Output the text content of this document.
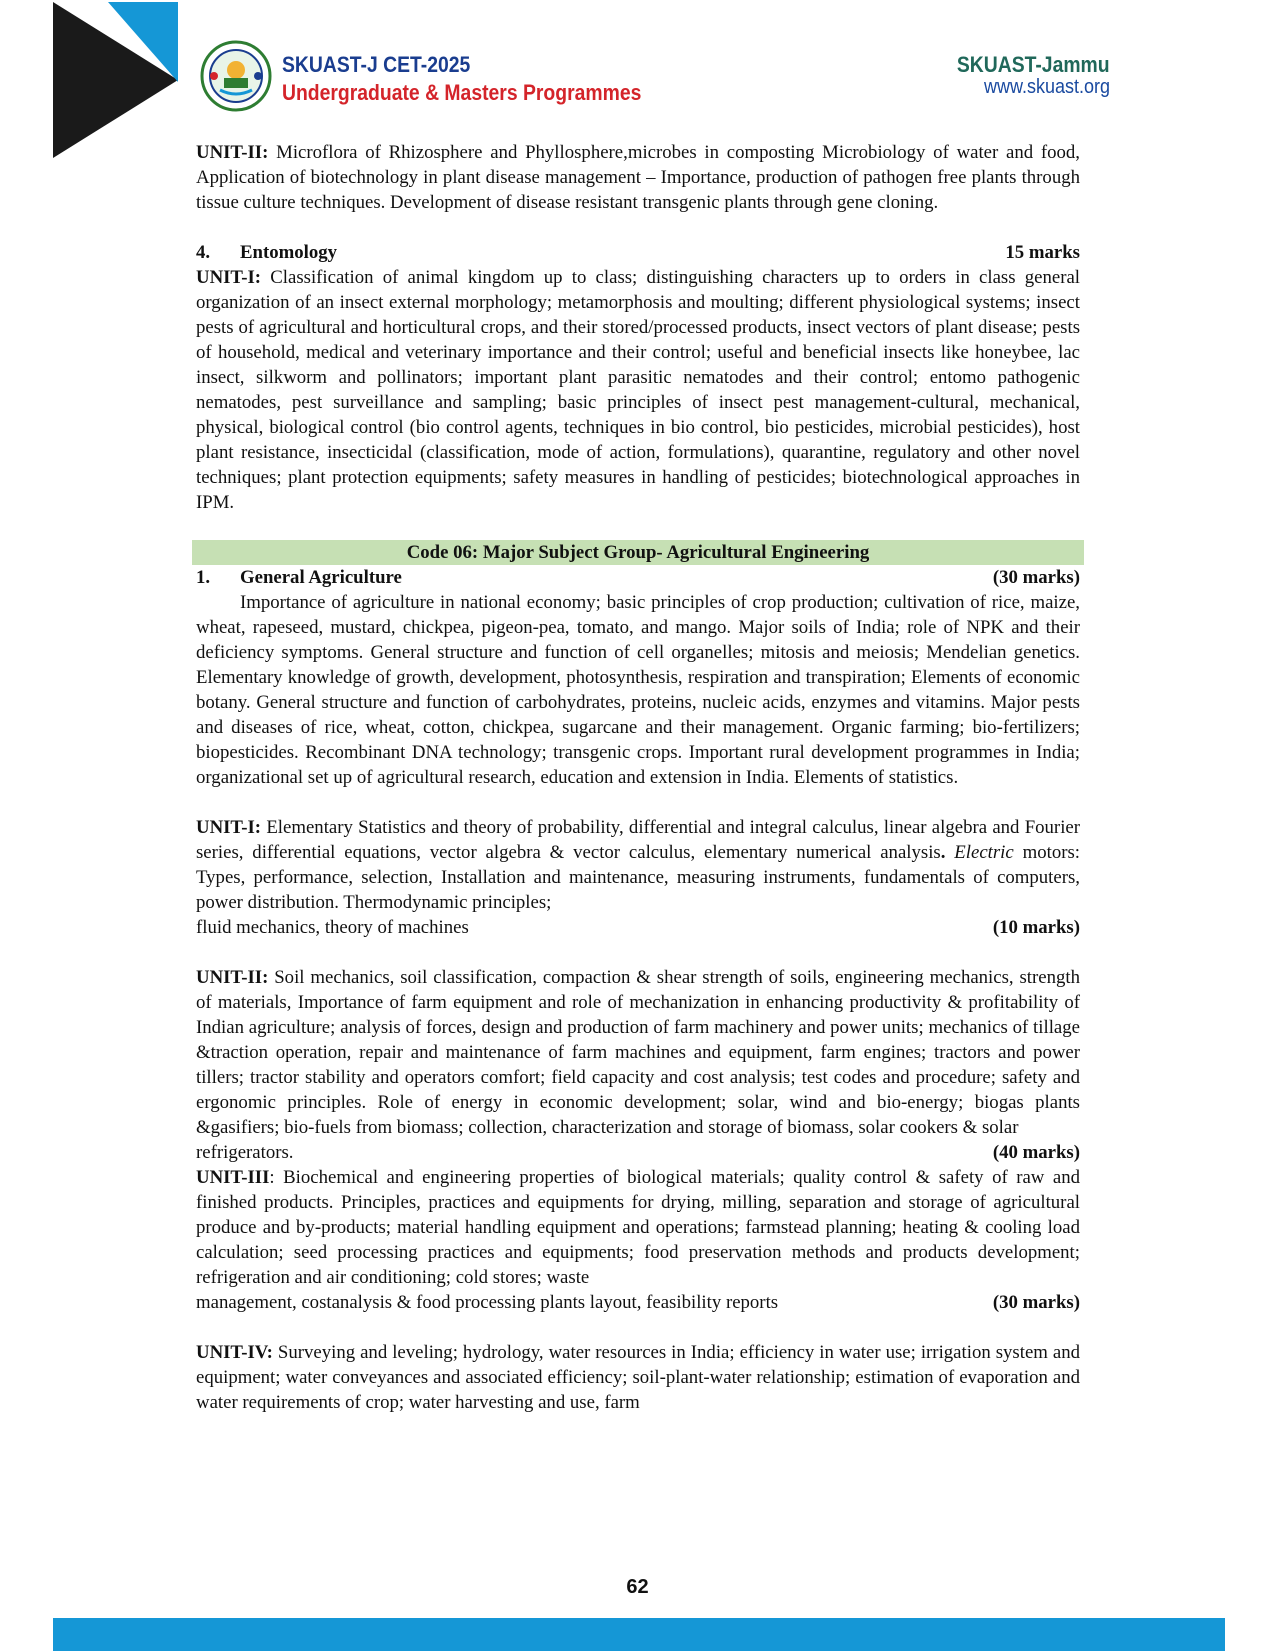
SKUAST-J CET-2025
Undergraduate & Masters Programmes
SKUAST-Jammu
www.skuast.org

UNIT-II: Microflora of Rhizosphere and Phyllosphere,microbes in composting Microbiology of water and food, Application of biotechnology in plant disease management – Importance, production of pathogen free plants through tissue culture techniques. Development of disease resistant transgenic plants through gene cloning.

4. Entomology	15 marks

UNIT-I: Classification of animal kingdom up to class; distinguishing characters up to orders in class general organization of an insect external morphology; metamorphosis and moulting; different physiological systems; insect pests of agricultural and horticultural crops, and their stored/processed products, insect vectors of plant disease; pests of household, medical and veterinary importance and their control; useful and beneficial insects like honeybee, lac insect, silkworm and pollinators; important plant parasitic nematodes and their control; entomo pathogenic nematodes, pest surveillance and sampling; basic principles of insect pest management-cultural, mechanical, physical, biological control (bio control agents, techniques in bio control, bio pesticides, microbial pesticides), host plant resistance, insecticidal (classification, mode of action, formulations), quarantine, regulatory and other novel techniques; plant protection equipments; safety measures in handling of pesticides; biotechnological approaches in IPM.

Code 06: Major Subject Group- Agricultural Engineering
1. General Agriculture	(30 marks)

Importance of agriculture in national economy; basic principles of crop production; cultivation of rice, maize, wheat, rapeseed, mustard, chickpea, pigeon-pea, tomato, and mango. Major soils of India; role of NPK and their deficiency symptoms. General structure and function of cell organelles; mitosis and meiosis; Mendelian genetics. Elementary knowledge of growth, development, photosynthesis, respiration and transpiration; Elements of economic botany. General structure and function of carbohydrates, proteins, nucleic acids, enzymes and vitamins. Major pests and diseases of rice, wheat, cotton, chickpea, sugarcane and their management. Organic farming; bio-fertilizers; biopesticides. Recombinant DNA technology; transgenic crops. Important rural development programmes in India; organizational set up of agricultural research, education and extension in India. Elements of statistics.

UNIT-I: Elementary Statistics and theory of probability, differential and integral calculus, linear algebra and Fourier series, differential equations, vector algebra & vector calculus, elementary numerical analysis. Electric motors: Types, performance, selection, Installation and maintenance, measuring instruments, fundamentals of computers, power distribution. Thermodynamic principles;

fluid mechanics, theory of machines	(10 marks)

UNIT-II: Soil mechanics, soil classification, compaction & shear strength of soils, engineering mechanics, strength of materials, Importance of farm equipment and role of mechanization in enhancing productivity & profitability of Indian agriculture; analysis of forces, design and production of farm machinery and power units; mechanics of tillage &traction operation, repair and maintenance of farm machines and equipment, farm engines; tractors and power tillers; tractor stability and operators comfort; field capacity and cost analysis; test codes and procedure; safety and ergonomic principles. Role of energy in economic development; solar, wind and bio-energy; biogas plants &gasifiers; bio-fuels from biomass; collection, characterization and storage of biomass, solar cookers & solar

refrigerators.	(40 marks)

UNIT-III: Biochemical and engineering properties of biological materials; quality control & safety of raw and finished products. Principles, practices and equipments for drying, milling, separation and storage of agricultural produce and by-products; material handling equipment and operations; farmstead planning; heating & cooling load calculation; seed processing practices and equipments; food preservation methods and products development; refrigeration and air conditioning; cold stores; waste

management, costanalysis & food processing plants layout, feasibility reports	(30 marks)

UNIT-IV: Surveying and leveling; hydrology, water resources in India; efficiency in water use; irrigation system and equipment; water conveyances and associated efficiency; soil-plant-water relationship; estimation of evaporation and water requirements of crop; water harvesting and use, farm

62
